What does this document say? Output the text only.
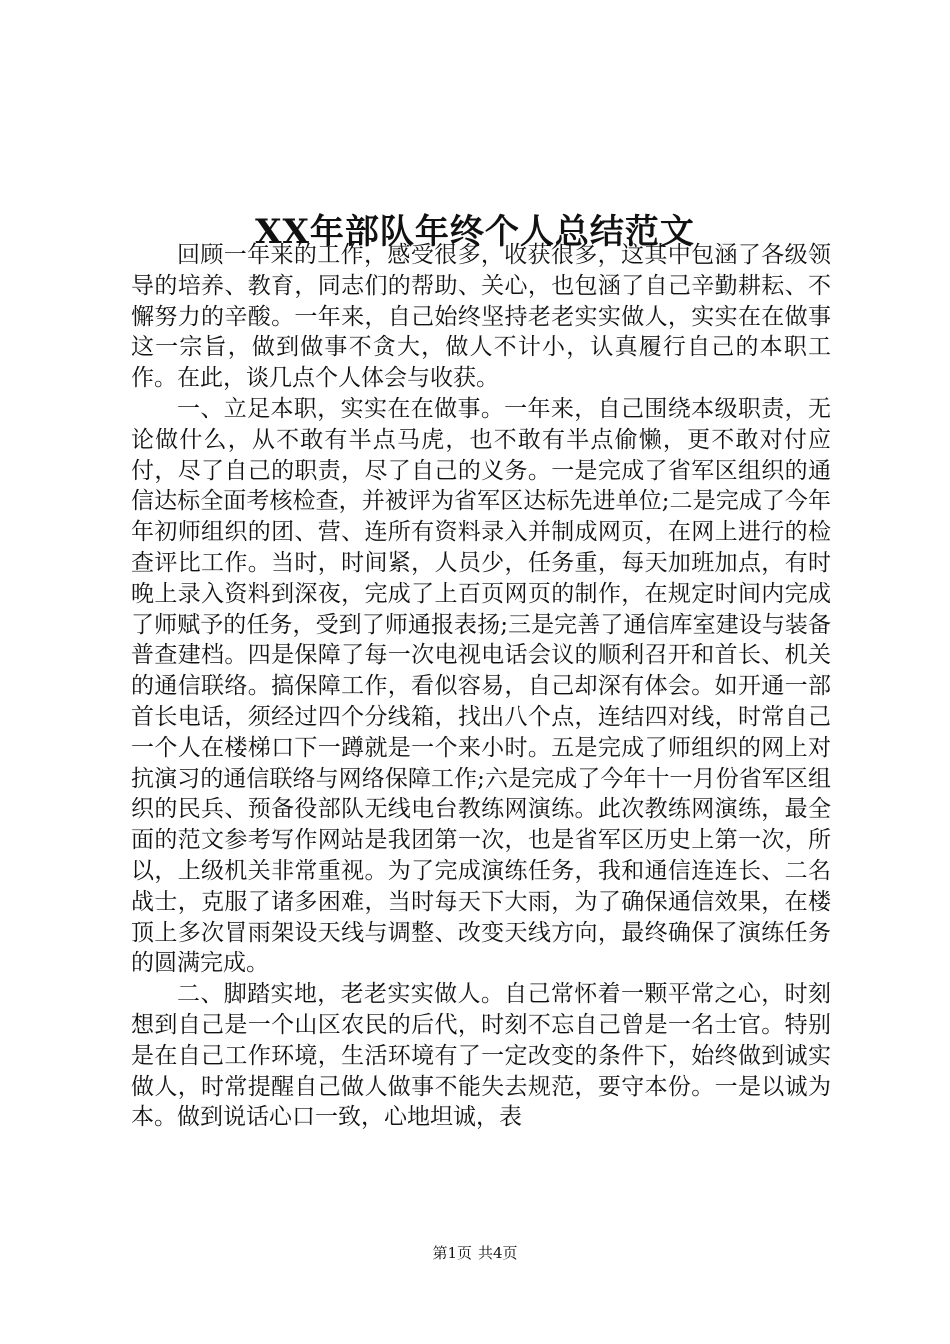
XX年部队年终个人总结范文

回顾一年来的工作，感受很多，收获很多，这其中包涵了各级领导的培养、教育，同志们的帮助、关心，也包涵了自己辛勤耕耘、不懈努力的辛酸。一年来，自己始终坚持老老实实做人，实实在在做事这一宗旨，做到做事不贪大，做人不计小，认真履行自己的本职工作。在此，谈几点个人体会与收获。

一、立足本职，实实在在做事。一年来，自己围绕本级职责，无论做什么，从不敢有半点马虎，也不敢有半点偷懒，更不敢对付应付，尽了自己的职责，尽了自己的义务。一是完成了省军区组织的通信达标全面考核检查，并被评为省军区达标先进单位;二是完成了今年年初师组织的团、营、连所有资料录入并制成网页，在网上进行的检查评比工作。当时，时间紧，人员少，任务重，每天加班加点，有时晚上录入资料到深夜，完成了上百页网页的制作，在规定时间内完成了师赋予的任务，受到了师通报表扬;三是完善了通信库室建设与装备普查建档。四是保障了每一次电视电话会议的顺利召开和首长、机关的通信联络。搞保障工作，看似容易，自己却深有体会。如开通一部首长电话，须经过四个分线箱，找出八个点，连结四对线，时常自己一个人在楼梯口下一蹲就是一个来小时。五是完成了师组织的网上对抗演习的通信联络与网络保障工作;六是完成了今年十一月份省军区组织的民兵、预备役部队无线电台教练网演练。此次教练网演练，最全面的范文参考写作网站是我团第一次，也是省军区历史上第一次，所以，上级机关非常重视。为了完成演练任务，我和通信连连长、二名战士，克服了诸多困难，当时每天下大雨，为了确保通信效果，在楼顶上多次冒雨架设天线与调整、改变天线方向，最终确保了演练任务的圆满完成。

二、脚踏实地，老老实实做人。自己常怀着一颗平常之心，时刻想到自己是一个山区农民的后代，时刻不忘自己曾是一名士官。特别是在自己工作环境，生活环境有了一定改变的条件下，始终做到诚实做人，时常提醒自己做人做事不能失去规范，要守本份。一是以诚为本。做到说话心口一致，心地坦诚，表

第1页 共4页
